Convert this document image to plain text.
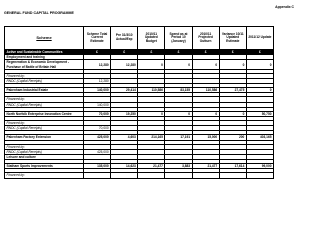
Appendix C
GENERAL FUND CAPITAL PROGRAMME
Scheme	Scheme Total Current Estimate	Pre 31/3/10 Actual/Exp	2010/11 Updated Budget	Spend as at Period 10 (January)	2010/11 Projected Outturn	Variance 10/11 Updated Estimate	2011/12 Update
Active and Sustainable Communities	£	£	£	£	£	£	£
Employment and training							
Regeneration & Economic Development - Purchase of Battle of Britain Hall	12,280	12,280	0	0	0	0	0

Financed by:							
RNDC (Capital Receipts)	12,280						

Pakenham Industrial Estate	140,000	29,414	110,586	83,155	110,586	27,475	0

Financed by:							
RNDC (Capital Receipts)	140,000						

North Norfolk Enterprise Innovation Centre	70,000	19,250	0	0	0	0	50,750

Financed by:							
RNDC (Capital Receipts)	70,000						

Pakenham Factory Extension	425,000	4,603	214,165	17,191	15,000	200	403,165

Financed by:							
RNDC (Capital Receipts)	425,000						
Leisure and culture							

Statham Sports Improvements	135,000	14,623	21,477	3,883	21,477	17,614	99,000

Financed by:							
